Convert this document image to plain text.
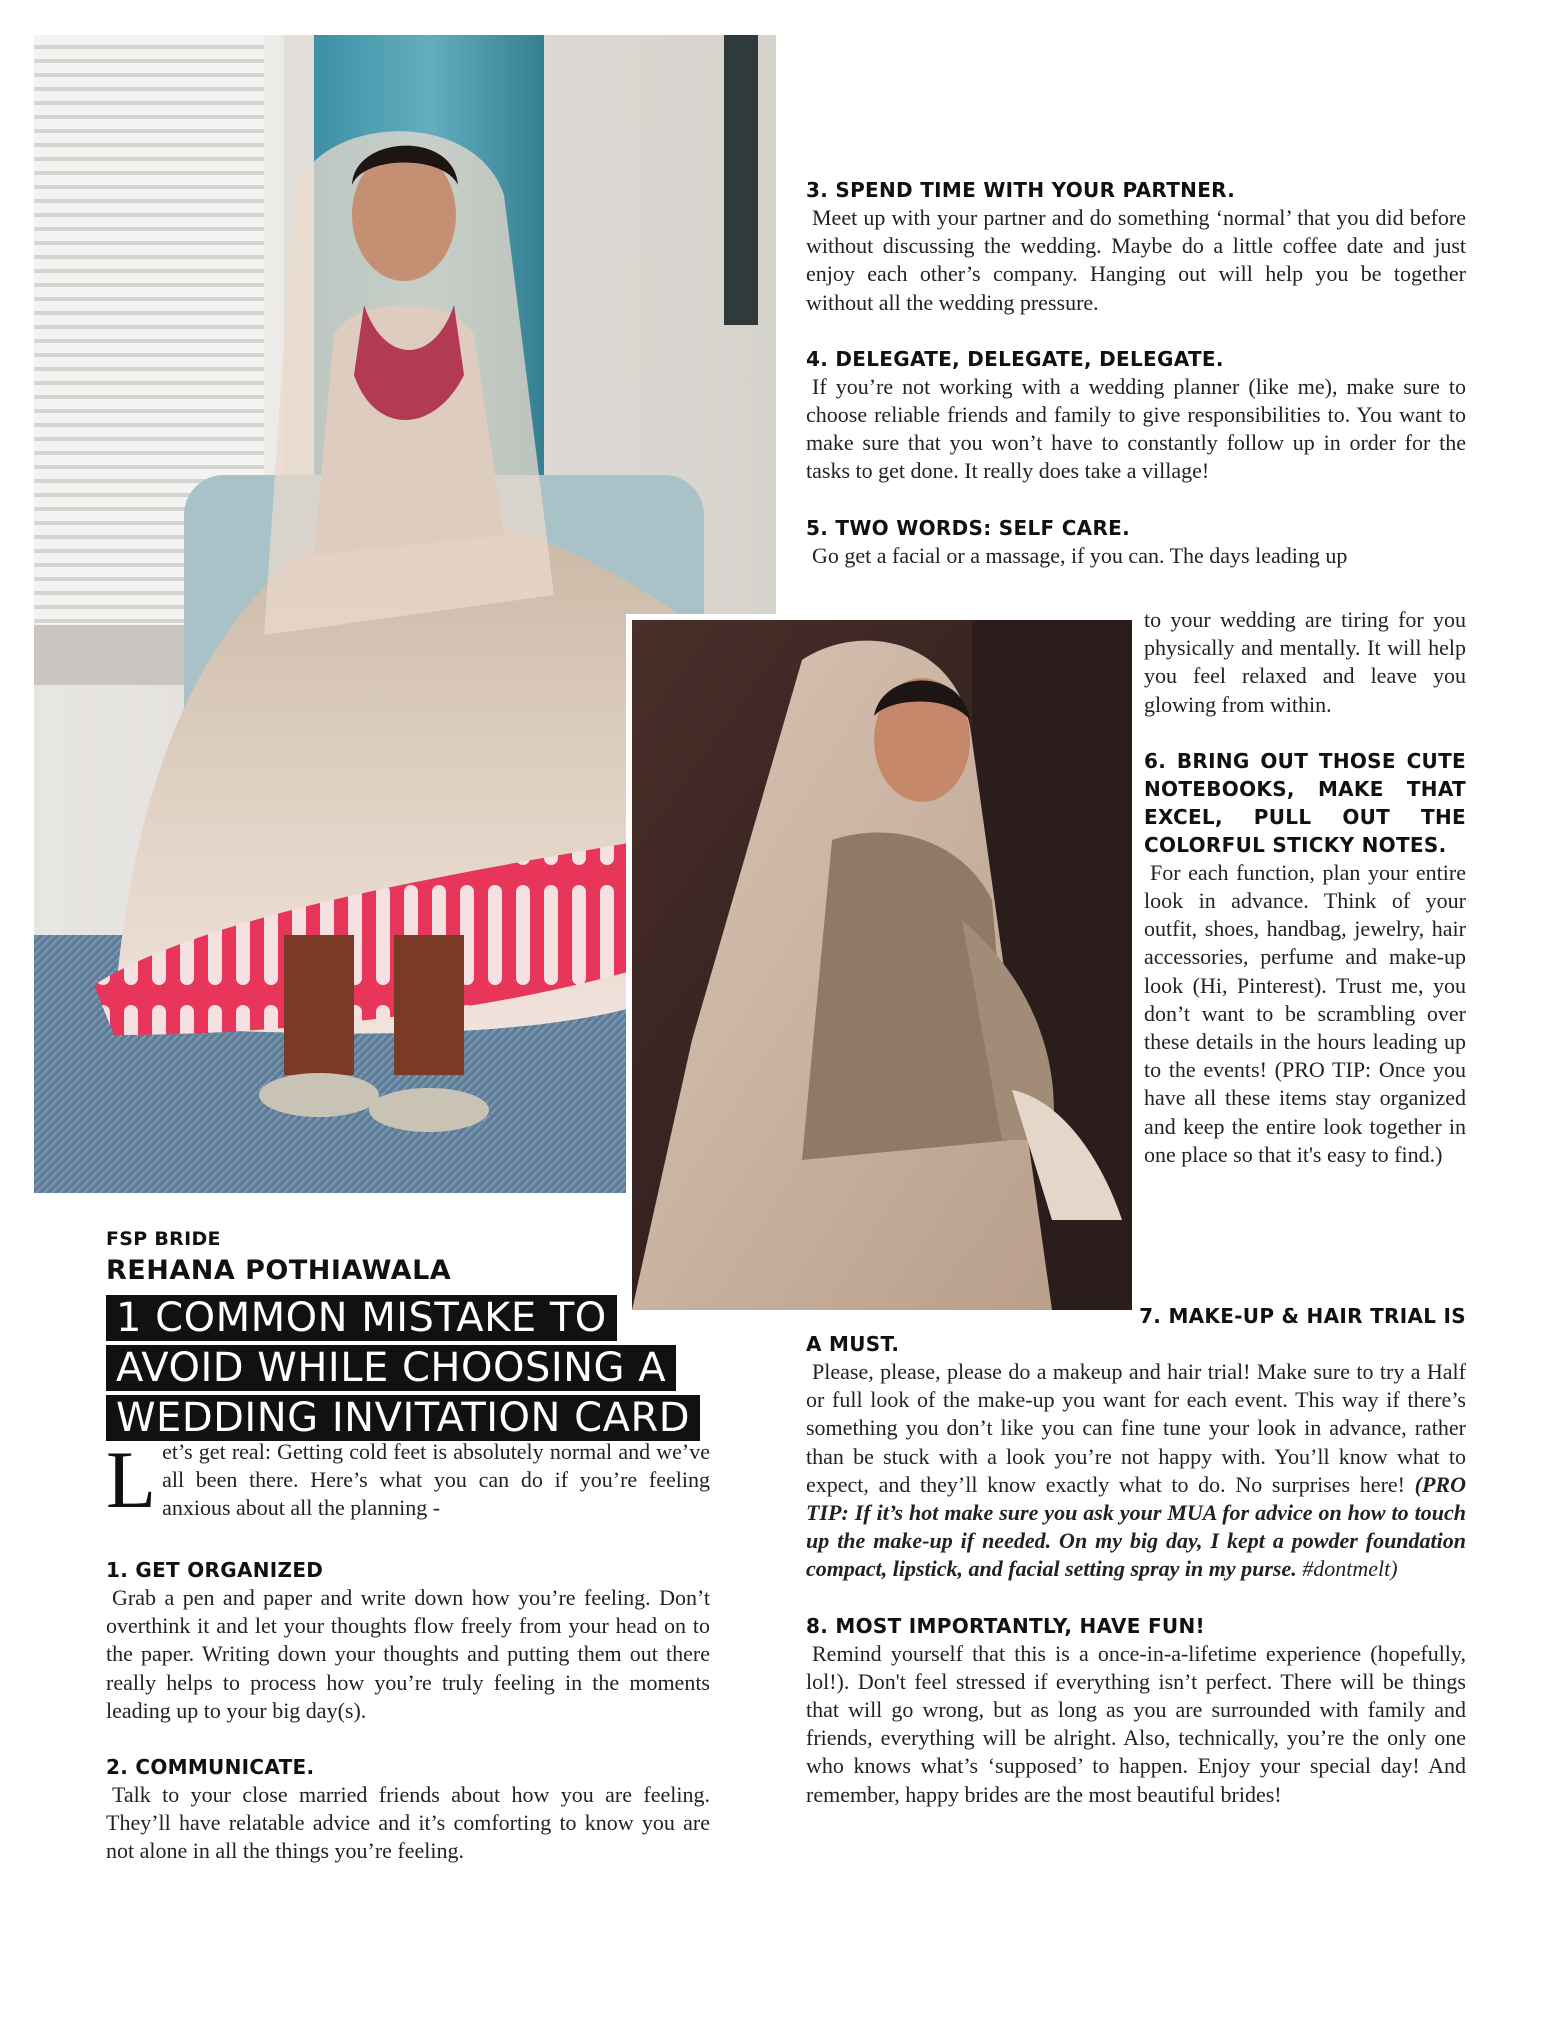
FSP BRIDE
REHANA POTHIAWALA
1 COMMON MISTAKE TO
AVOID WHILE CHOOSING A
WEDDING INVITATION CARD
L et’s get real: Getting cold feet is absolutely normal and we’ve all been there. Here’s what you can do if you’re feeling anxious about all the planning -

1. GET ORGANIZED

Grab a pen and paper and write down how you’re feeling. Don’t overthink it and let your thoughts flow freely from your head on to the paper. Writing down your thoughts and putting them out there really helps to process how you’re truly feeling in the moments leading up to your big day(s).

2. COMMUNICATE.

Talk to your close married friends about how you are feeling. They’ll have relatable advice and it’s comforting to know you are not alone in all the things you’re feeling.

3. SPEND TIME WITH YOUR PARTNER.

Meet up with your partner and do something ‘normal’ that you did before without discussing the wedding. Maybe do a little coffee date and just enjoy each other’s company. Hanging out will help you be together without all the wedding pressure.

4. DELEGATE, DELEGATE, DELEGATE.

If you’re not working with a wedding planner (like me), make sure to choose reliable friends and family to give responsibilities to. You want to make sure that you won’t have to constantly follow up in order for the tasks to get done. It really does take a village!

5. TWO WORDS: SELF CARE.

Go get a facial or a massage, if you can. The days leading up

to your wedding are tiring for you physically and mentally. It will help you feel relaxed and leave you glowing from within.

6. BRING OUT THOSE CUTE NOTEBOOKS, MAKE THAT EXCEL, PULL OUT THE COLORFUL STICKY NOTES.

For each function, plan your entire look in advance. Think of your outfit, shoes, handbag, jewelry, hair accessories, perfume and make-up look (Hi, Pinterest). Trust me, you don’t want to be scrambling over these details in the hours leading up to the events! (PRO TIP: Once you have all these items stay organized and keep the entire look together in one place so that it's easy to find.)

7. MAKE-UP & HAIR TRIAL IS
A MUST.

Please, please, please do a makeup and hair trial! Make sure to try a Half or full look of the make-up you want for each event. This way if there’s something you don’t like you can fine tune your look in advance, rather than be stuck with a look you’re not happy with. You’ll know what to expect, and they’ll know exactly what to do. No surprises here! (PRO TIP: If it’s hot make sure you ask your MUA for advice on how to touch up the make-up if needed. On my big day, I kept a powder foundation compact, lipstick, and facial setting spray in my purse. #dontmelt)

8. MOST IMPORTANTLY, HAVE FUN!

Remind yourself that this is a once-in-a-lifetime experience (hopefully, lol!). Don't feel stressed if everything isn’t perfect. There will be things that will go wrong, but as long as you are surrounded with family and friends, everything will be alright. Also, technically, you’re the only one who knows what’s ‘supposed’ to happen. Enjoy your special day! And remember, happy brides are the most beautiful brides!
